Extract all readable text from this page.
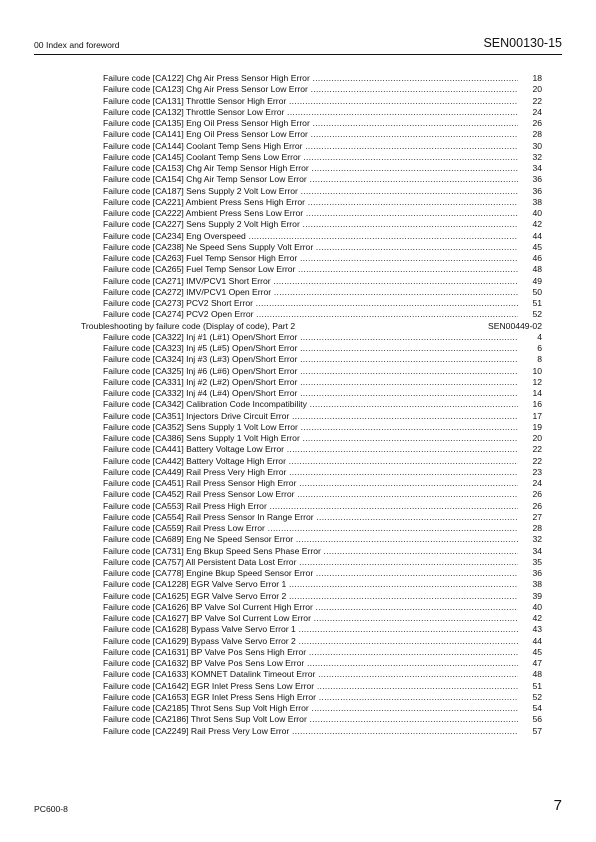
00 Index and foreword	SEN00130-15
Failure code [CA122] Chg Air Press Sensor High Error .....	18
Failure code [CA123] Chg Air Press Sensor Low Error .....	20
Failure code [CA131] Throttle Sensor High Error .....	22
Failure code [CA132] Throttle Sensor Low Error .....	24
Failure code [CA135] Eng Oil Press Sensor High Error .....	26
Failure code [CA141] Eng Oil Press Sensor Low Error .....	28
Failure code [CA144] Coolant Temp Sens High Error .....	30
Failure code [CA145] Coolant Temp Sens Low Error .....	32
Failure code [CA153] Chg Air Temp Sensor High Error .....	34
Failure code [CA154] Chg Air Temp Sensor Low Error .....	36
Failure code [CA187] Sens Supply 2 Volt Low Error .....	36
Failure code [CA221] Ambient Press Sens High Error .....	38
Failure code [CA222] Ambient Press Sens Low Error .....	40
Failure code [CA227] Sens Supply 2 Volt High Error .....	42
Failure code [CA234] Eng Overspeed .....	44
Failure code [CA238] Ne Speed Sens Supply Volt Error .....	45
Failure code [CA263] Fuel Temp Sensor High Error .....	46
Failure code [CA265] Fuel Temp Sensor Low Error .....	48
Failure code [CA271] IMV/PCV1 Short Error .....	49
Failure code [CA272] IMV/PCV1 Open Error .....	50
Failure code [CA273] PCV2 Short Error .....	51
Failure code [CA274] PCV2 Open Error .....	52
Troubleshooting by failure code (Display of code), Part 2	SEN00449-02
Failure code [CA322] Inj #1 (L#1) Open/Short Error .....	4
Failure code [CA323] Inj #5 (L#5) Open/Short Error .....	6
Failure code [CA324] Inj #3 (L#3) Open/Short Error .....	8
Failure code [CA325] Inj #6 (L#6) Open/Short Error .....	10
Failure code [CA331] Inj #2 (L#2) Open/Short Error .....	12
Failure code [CA332] Inj #4 (L#4) Open/Short Error .....	14
Failure code [CA342] Calibration Code Incompatibility .....	16
Failure code [CA351] Injectors Drive Circuit Error .....	17
Failure code [CA352] Sens Supply 1 Volt Low Error .....	19
Failure code [CA386] Sens Supply 1 Volt High Error .....	20
Failure code [CA441] Battery Voltage Low Error .....	22
Failure code [CA442] Battery Voltage High Error .....	22
Failure code [CA449] Rail Press Very High Error .....	23
Failure code [CA451] Rail Press Sensor High Error .....	24
Failure code [CA452] Rail Press Sensor Low Error .....	26
Failure code [CA553] Rail Press High Error .....	26
Failure code [CA554] Rail Press Sensor In Range Error .....	27
Failure code [CA559] Rail Press Low Error .....	28
Failure code [CA689] Eng Ne Speed Sensor Error .....	32
Failure code [CA731] Eng Bkup Speed Sens Phase Error .....	34
Failure code [CA757] All Persistent Data Lost Error .....	35
Failure code [CA778] Engine Bkup Speed Sensor Error .....	36
Failure code [CA1228] EGR Valve Servo Error 1 .....	38
Failure code [CA1625] EGR Valve Servo Error 2 .....	39
Failure code [CA1626] BP Valve Sol Current High Error .....	40
Failure code [CA1627] BP Valve Sol Current Low Error .....	42
Failure code [CA1628] Bypass Valve Servo Error 1 .....	43
Failure code [CA1629] Bypass Valve Servo Error 2 .....	44
Failure code [CA1631] BP Valve Pos Sens High Error .....	45
Failure code [CA1632] BP Valve Pos Sens Low Error .....	47
Failure code [CA1633] KOMNET Datalink Timeout Error .....	48
Failure code [CA1642] EGR Inlet Press Sens Low Error .....	51
Failure code [CA1653] EGR Inlet Press Sens High Error .....	52
Failure code [CA2185] Throt Sens Sup Volt High Error .....	54
Failure code [CA2186] Throt Sens Sup Volt Low Error .....	56
Failure code [CA2249] Rail Press Very Low Error .....	57
PC600-8	7
